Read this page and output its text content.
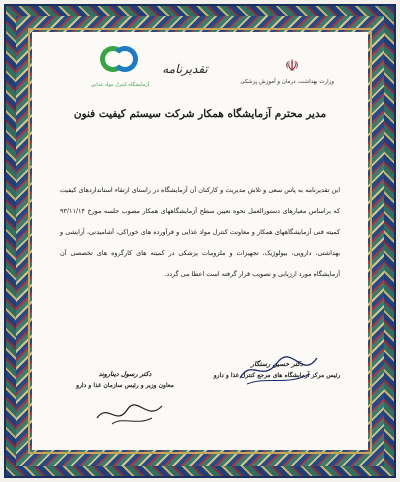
آزمایشگاه کنترل مواد غذایی
☫
وزارت بهداشت، درمان و آموزش پزشکی
تقدیرنامه
مدیر محترم آزمایشگاه همکار شرکت سیستم کیفیت فنون
این تقدیرنامه به پاس سعی و تلاش مدیریت و کارکنان آن آزمایشگاه در راستای ارتقاء استانداردهای کیفیت که براساس معیارهای دستورالعمل نحوه تعیین سطح آزمایشگاههای همکار مصوب جلسه مورخ ۹۳/۱۱/۱۴ کمیته فنی آزمایشگاههای همکار و معاونت کنترل مواد غذایی و فرآورده های خوراکی، آشامیدنی، آرایشی و بهداشتی، دارویی، بیولوژیک، تجهیزات و ملزومات پزشکی در کمیته های کارگروه های تخصصی آن آزمایشگاه مورد ارزیابی و تصویب قرار گرفته است اعطا می گردد.
دکتر رسول دیناروند
معاون وزیر و رئیس سازمان غذا و دارو
دکتر حسین رستگار
رئیس مرکز آزمایشگاه های مرجع کنترل غذا و دارو
